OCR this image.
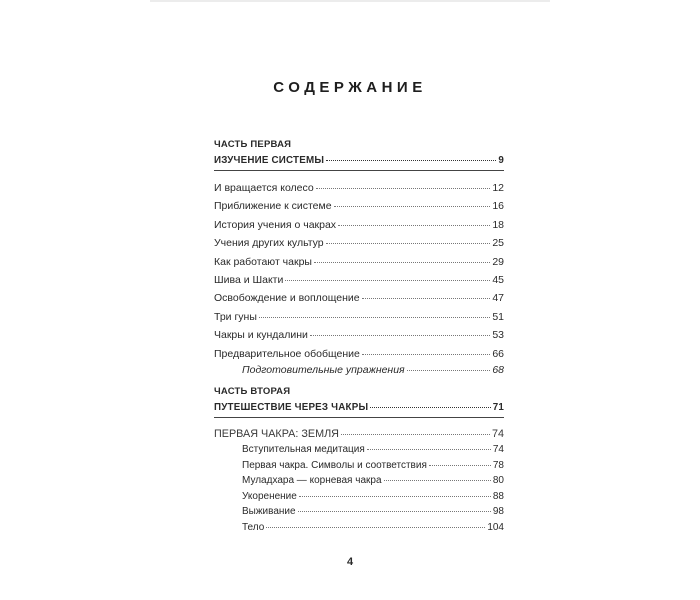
СОДЕРЖАНИЕ
ЧАСТЬ ПЕРВАЯ
ИЗУЧЕНИЕ СИСТЕМЫ	9
И вращается колесо	12
Приближение к системе	16
История учения о чакрах	18
Учения других культур	25
Как работают чакры	29
Шива и Шакти	45
Освобождение и воплощение	47
Три гуны	51
Чакры и кундалини	53
Предварительное обобщение	66
Подготовительные упражнения	68
ЧАСТЬ ВТОРАЯ
ПУТЕШЕСТВИЕ ЧЕРЕЗ ЧАКРЫ	71
ПЕРВАЯ ЧАКРА: ЗЕМЛЯ	74
Вступительная медитация	74
Первая чакра. Символы и соответствия	78
Муладхара — корневая чакра	80
Укоренение	88
Выживание	98
Тело	104
4
